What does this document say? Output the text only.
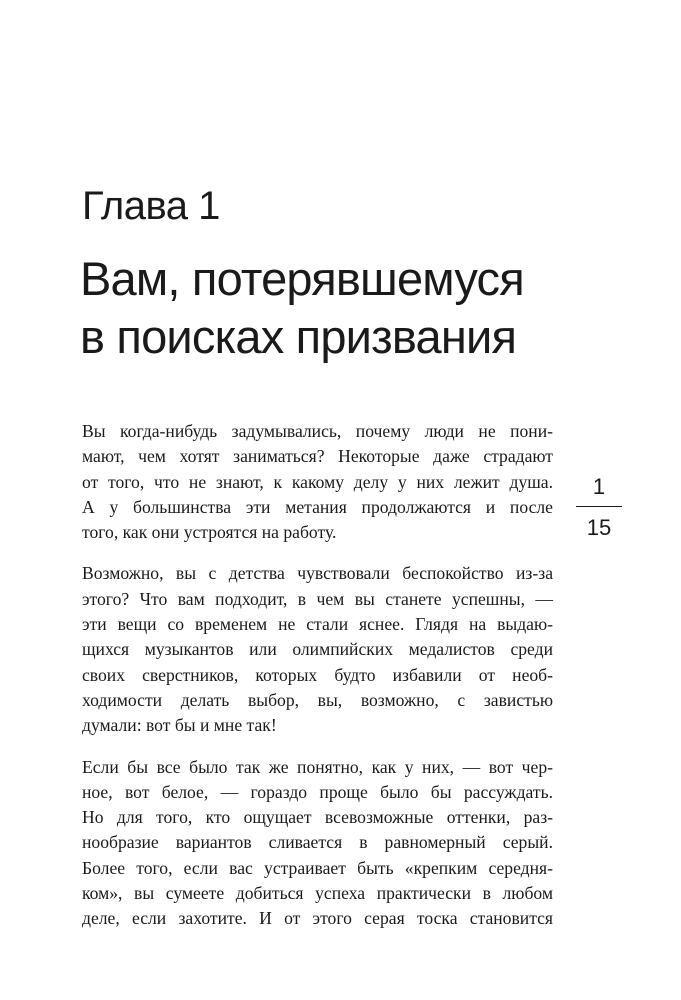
Глава 1
Вам, потерявшемуся
в поисках призвания
Вы когда-нибудь задумывались, почему люди не пони-
мают, чем хотят заниматься? Некоторые даже страдают
от того, что не знают, к какому делу у них лежит душа.
А у большинства эти метания продолжаются и после
того, как они устроятся на работу.
Возможно, вы с детства чувствовали беспокойство из-за
этого? Что вам подходит, в чем вы станете успешны, —
эти вещи со временем не стали яснее. Глядя на выдаю-
щихся музыкантов или олимпийских медалистов среди
своих сверстников, которых будто избавили от необ-
ходимости делать выбор, вы, возможно, с завистью
думали: вот бы и мне так!
Если бы все было так же понятно, как у них, — вот чер-
ное, вот белое, — гораздо проще было бы рассуждать.
Но для того, кто ощущает всевозможные оттенки, раз-
нообразие вариантов сливается в равномерный серый.
Более того, если вас устраивает быть «крепким середня-
ком», вы сумеете добиться успеха практически в любом
деле, если захотите. И от этого серая тоска становится
1
15
